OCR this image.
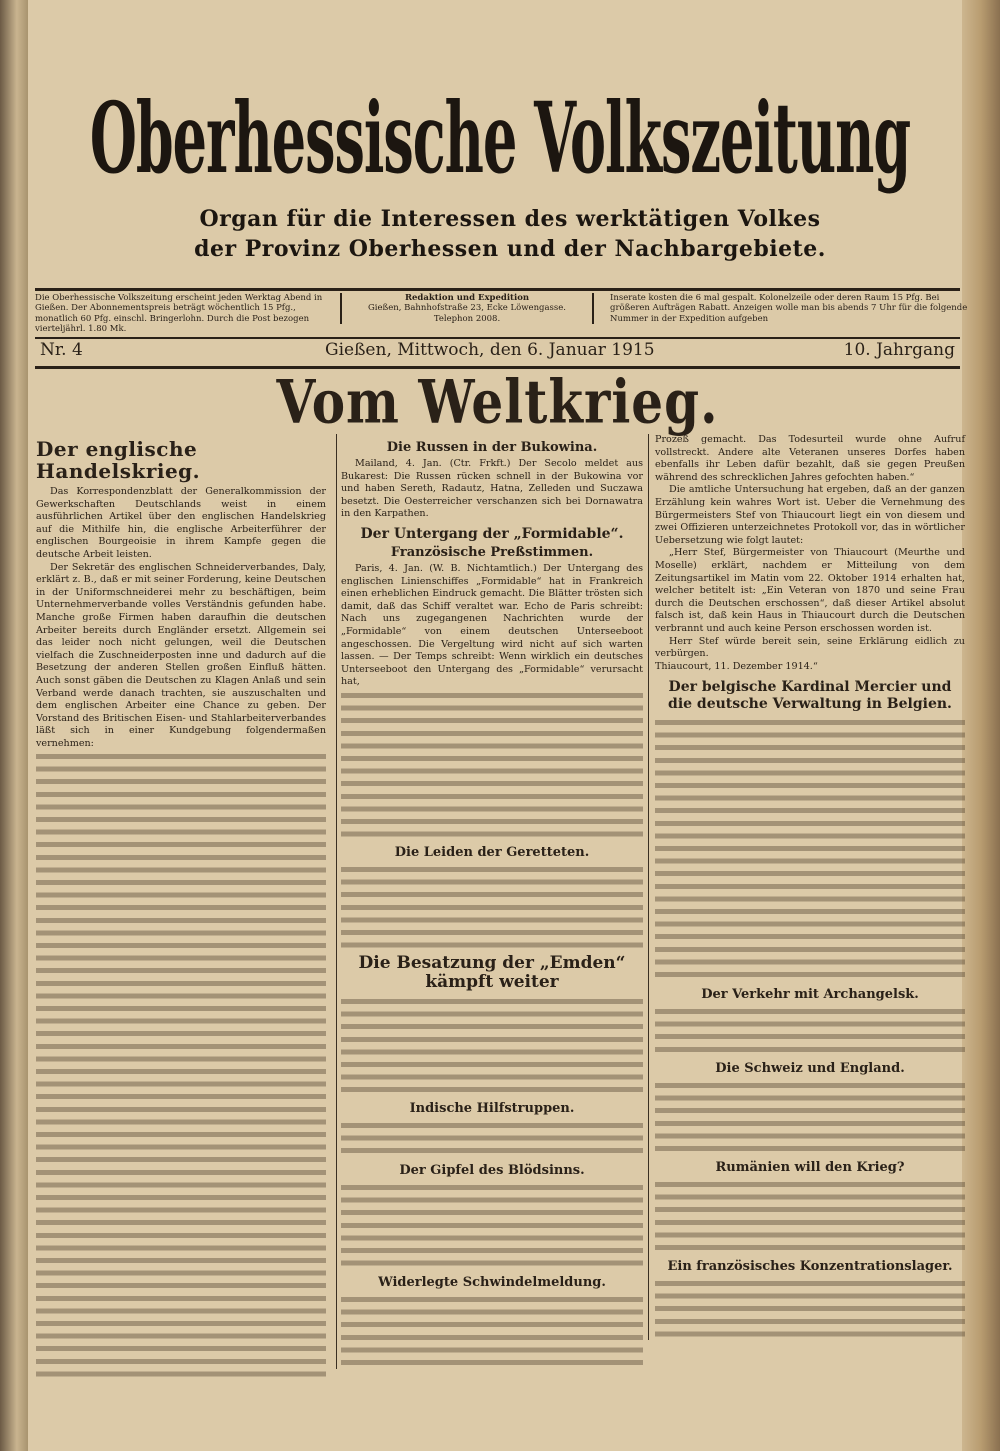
Oberhessische Volkszeitung
Organ für die Interessen des werktätigen Volkes
der Provinz Oberhessen und der Nachbargebiete.
Die Oberhessische Volkszeitung erscheint jeden Werktag Abend in Gießen. Der Abonnementspreis beträgt wöchentlich 15 Pfg., monatlich 60 Pfg. einschl. Bringerlohn. Durch die Post bezogen vierteljährl. 1.80 Mk.
Redaktion und Expedition
Gießen, Bahnhofstraße 23, Ecke Löwengasse.
Telephon 2008.
Inserate kosten die 6 mal gespalt. Kolonelzeile oder deren Raum 15 Pfg. Bei größeren Aufträgen Rabatt. Anzeigen wolle man bis abends 7 Uhr für die folgende Nummer in der Expedition aufgeben
Nr. 4	Gießen, Mittwoch, den 6. Januar 1915	10. Jahrgang
Vom Weltkrieg.
Der englische Handelskrieg.

Das Korrespondenzblatt der Generalkommission der Gewerkschaften Deutschlands weist in einem ausführlichen Artikel über den englischen Handelskrieg auf die Mithilfe hin, die englische Arbeiterführer der englischen Bourgeoisie in ihrem Kampfe gegen die deutsche Arbeit leisten.

Der Sekretär des englischen Schneiderverbandes, Daly, erklärt z. B., daß er mit seiner Forderung, keine Deutschen in der Uniformschneiderei mehr zu beschäftigen, beim Unternehmerverbande volles Verständnis gefunden habe. Manche große Firmen haben daraufhin die deutschen Arbeiter bereits durch Engländer ersetzt. Allgemein sei das leider noch nicht gelungen, weil die Deutschen vielfach die Zuschneiderposten inne und dadurch auf die Besetzung der anderen Stellen großen Einfluß hätten. Auch sonst gäben die Deutschen zu Klagen Anlaß und sein Verband werde danach trachten, sie auszuschalten und dem englischen Arbeiter eine Chance zu geben. Der Vorstand des Britischen Eisen- und Stahlarbeiterverbandes läßt sich in einer Kundgebung folgendermaßen vernehmen:

Die Russen in der Bukowina.

Mailand, 4. Jan. (Ctr. Frkft.) Der Secolo meldet aus Bukarest: Die Russen rücken schnell in der Bukowina vor und haben Sereth, Radautz, Hatna, Zelleden und Suczawa besetzt. Die Oesterreicher verschanzen sich bei Dornawatra in den Karpathen.

Der Untergang der „Formidable“.
Französische Preßstimmen.

Paris, 4. Jan. (W. B. Nichtamtlich.) Der Untergang des englischen Linienschiffes „Formidable“ hat in Frankreich einen erheblichen Eindruck gemacht. Die Blätter trösten sich damit, daß das Schiff veraltet war. Echo de Paris schreibt: Nach uns zugegangenen Nachrichten wurde der „Formidable“ von einem deutschen Unterseeboot angeschossen. Die Vergeltung wird nicht auf sich warten lassen. — Der Temps schreibt: Wenn wirklich ein deutsches Unterseeboot den Untergang des „Formidable“ verursacht hat,

Die Leiden der Geretteten.
Die Besatzung der „Emden“ kämpft weiter
Indische Hilfstruppen.
Der Gipfel des Blödsinns.
Widerlegte Schwindelmeldung.

Prozeß gemacht. Das Todesurteil wurde ohne Aufruf vollstreckt. Andere alte Veteranen unseres Dorfes haben ebenfalls ihr Leben dafür bezahlt, daß sie gegen Preußen während des schrecklichen Jahres gefochten haben.“

Die amtliche Untersuchung hat ergeben, daß an der ganzen Erzählung kein wahres Wort ist. Ueber die Vernehmung des Bürgermeisters Stef von Thiaucourt liegt ein von diesem und zwei Offizieren unterzeichnetes Protokoll vor, das in wörtlicher Uebersetzung wie folgt lautet:

„Herr Stef, Bürgermeister von Thiaucourt (Meurthe und Moselle) erklärt, nachdem er Mitteilung von dem Zeitungsartikel im Matin vom 22. Oktober 1914 erhalten hat, welcher betitelt ist: „Ein Veteran von 1870 und seine Frau durch die Deutschen erschossen“, daß dieser Artikel absolut falsch ist, daß kein Haus in Thiaucourt durch die Deutschen verbrannt und auch keine Person erschossen worden ist.

Herr Stef würde bereit sein, seine Erklärung eidlich zu verbürgen.

Thiaucourt, 11. Dezember 1914.“

Der belgische Kardinal Mercier und die deutsche Verwaltung in Belgien.
Der Verkehr mit Archangelsk.
Die Schweiz und England.
Rumänien will den Krieg?
Ein französisches Konzentrationslager.
